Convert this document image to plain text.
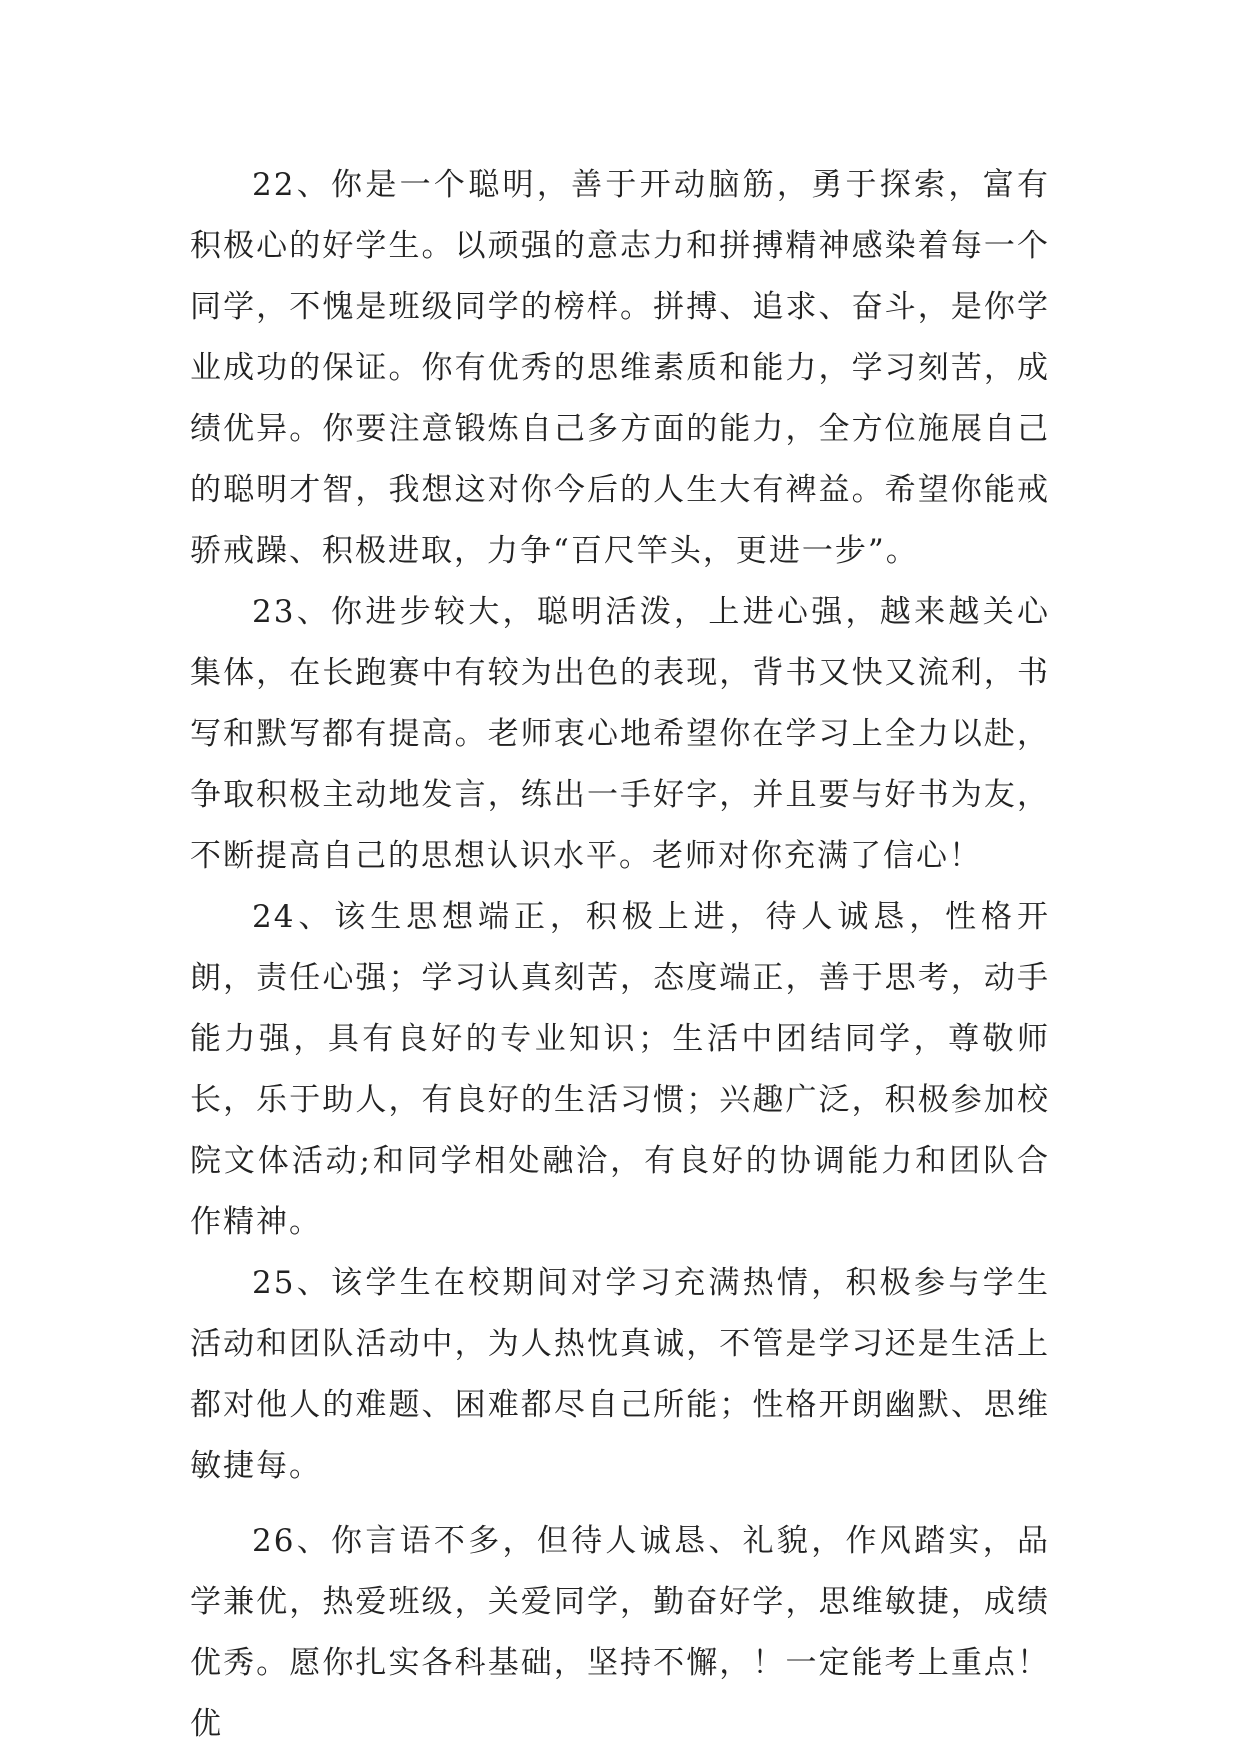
22、你是一个聪明，善于开动脑筋，勇于探索，富有积极心的好学生。以顽强的意志力和拼搏精神感染着每一个同学，不愧是班级同学的榜样。拼搏、追求、奋斗，是你学业成功的保证。你有优秀的思维素质和能力，学习刻苦，成绩优异。你要注意锻炼自己多方面的能力，全方位施展自己的聪明才智，我想这对你今后的人生大有裨益。希望你能戒骄戒躁、积极进取，力争“百尺竿头，更进一步”。

23、你进步较大，聪明活泼，上进心强，越来越关心集体，在长跑赛中有较为出色的表现，背书又快又流利，书写和默写都有提高。老师衷心地希望你在学习上全力以赴，争取积极主动地发言，练出一手好字，并且要与好书为友，不断提高自己的思想认识水平。老师对你充满了信心！

24、该生思想端正，积极上进，待人诚恳，性格开朗，责任心强；学习认真刻苦，态度端正，善于思考，动手能力强，具有良好的专业知识；生活中团结同学，尊敬师长，乐于助人，有良好的生活习惯；兴趣广泛，积极参加校院文体活动;和同学相处融洽，有良好的协调能力和团队合作精神。

25、该学生在校期间对学习充满热情，积极参与学生活动和团队活动中，为人热忱真诚，不管是学习还是生活上都对他人的难题、困难都尽自己所能；性格开朗幽默、思维敏捷每。

26、你言语不多，但待人诚恳、礼貌，作风踏实，品学兼优，热爱班级，关爱同学，勤奋好学，思维敏捷，成绩优秀。愿你扎实各科基础，坚持不懈，！一定能考上重点！优
